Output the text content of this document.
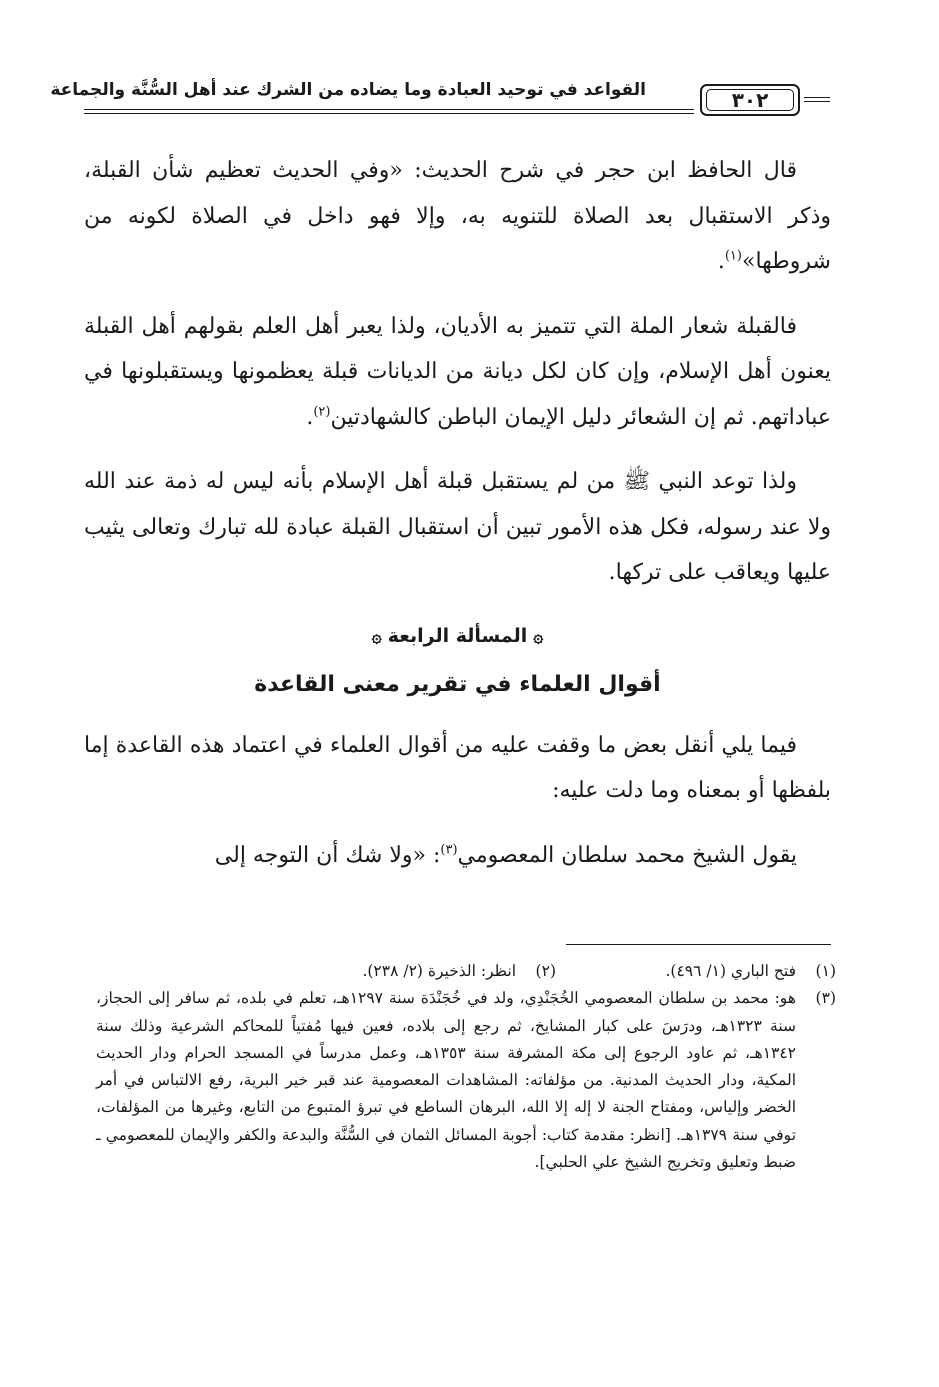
القواعد في توحيد العبادة وما يضاده من الشرك عند أهل السُّنَّة والجماعة	٣٠٢

قال الحافظ ابن حجر في شرح الحديث: «وفي الحديث تعظيم شأن القبلة، وذكر الاستقبال بعد الصلاة للتنويه به، وإلا فهو داخل في الصلاة لكونه من شروطها»$^{(١)}$.

فالقبلة شعار الملة التي تتميز به الأديان، ولذا يعبر أهل العلم بقولهم أهل القبلة يعنون أهل الإسلام، وإن كان لكل ديانة من الديانات قبلة يعظمونها ويستقبلونها في عباداتهم. ثم إن الشعائر دليل الإيمان الباطن كالشهادتين$^{(٢)}$.

ولذا توعد النبي ﷺ من لم يستقبل قبلة أهل الإسلام بأنه ليس له ذمة عند الله ولا عند رسوله، فكل هذه الأمور تبين أن استقبال القبلة عبادة لله تبارك وتعالى يثيب عليها ويعاقب على تركها.

۞المسألة الرابعة۞
أقوال العلماء في تقرير معنى القاعدة

فيما يلي أنقل بعض ما وقفت عليه من أقوال العلماء في اعتماد هذه القاعدة إما بلفظها أو بمعناه وما دلت عليه:

يقول الشيخ محمد سلطان المعصومي$^{(٣)}$: «ولا شك أن التوجه إلى

(١)
فتح الباري (١/ ٤٩٦).
(٢)
انظر: الذخيرة (٢/ ٢٣٨).
(٣)
هو: محمد بن سلطان المعصومي الخُجَنْدِي، ولد في خُجَنْدَة سنة ١٢٩٧هـ، تعلم في بلده، ثم سافر إلى الحجاز، سنة ١٣٢٣هـ، ودرَسَ على كبار المشايخ، ثم رجع إلى بلاده، فعين فيها مُفتياً للمحاكم الشرعية وذلك سنة ١٣٤٢هـ، ثم عاود الرجوع إلى مكة المشرفة سنة ١٣٥٣هـ، وعمل مدرساً في المسجد الحرام ودار الحديث المكية، ودار الحديث المدنية. من مؤلفاته: المشاهدات المعصومية عند قبر خير البرية، رفع الالتباس في أمر الخضر وإلياس، ومفتاح الجنة لا إله إلا الله، البرهان الساطع في تبرؤ المتبوع من التابع، وغيرها من المؤلفات، توفي سنة ١٣٧٩هـ. [انظر: مقدمة كتاب: أجوبة المسائل الثمان في السُّنَّة والبدعة والكفر والإيمان للمعصومي ـ ضبط وتعليق وتخريج الشيخ علي الحلبي].
